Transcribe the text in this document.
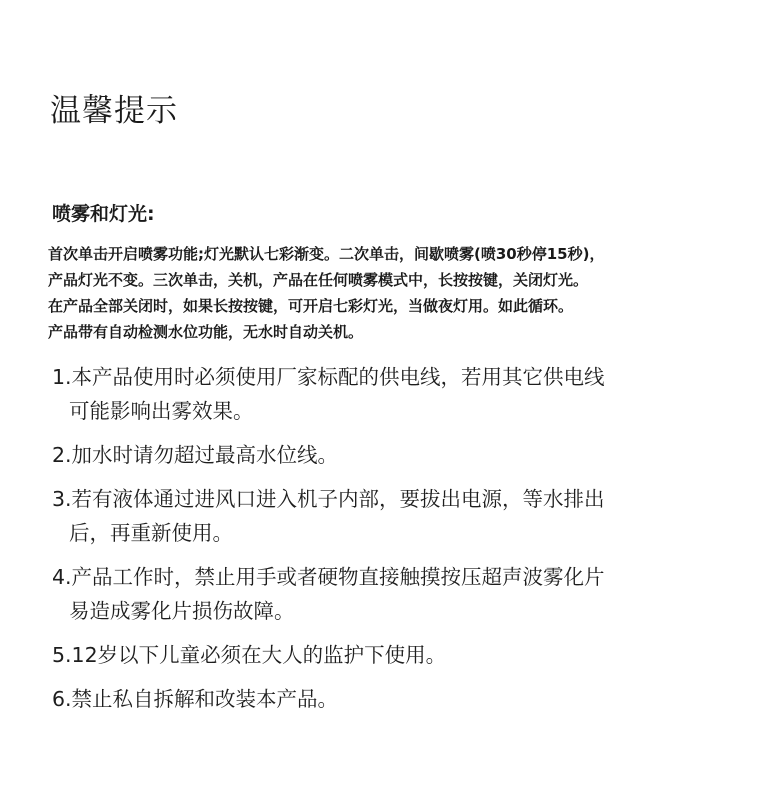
温馨提示
喷雾和灯光:
首次单击开启喷雾功能;灯光默认七彩渐变。二次单击，间歇喷雾(喷30秒停15秒)，
产品灯光不变。三次单击，关机，产品在任何喷雾模式中，长按按键，关闭灯光。
在产品全部关闭时，如果长按按键，可开启七彩灯光，当做夜灯用。如此循环。
产品带有自动检测水位功能，无水时自动关机。
1.本产品使用时必须使用厂家标配的供电线，若用其它供电线
可能影响出雾效果。
2.加水时请勿超过最高水位线。
3.若有液体通过进风口进入机子内部，要拔出电源，等水排出
后，再重新使用。
4.产品工作时，禁止用手或者硬物直接触摸按压超声波雾化片
易造成雾化片损伤故障。
5.12岁以下儿童必须在大人的监护下使用。
6.禁止私自拆解和改装本产品。
